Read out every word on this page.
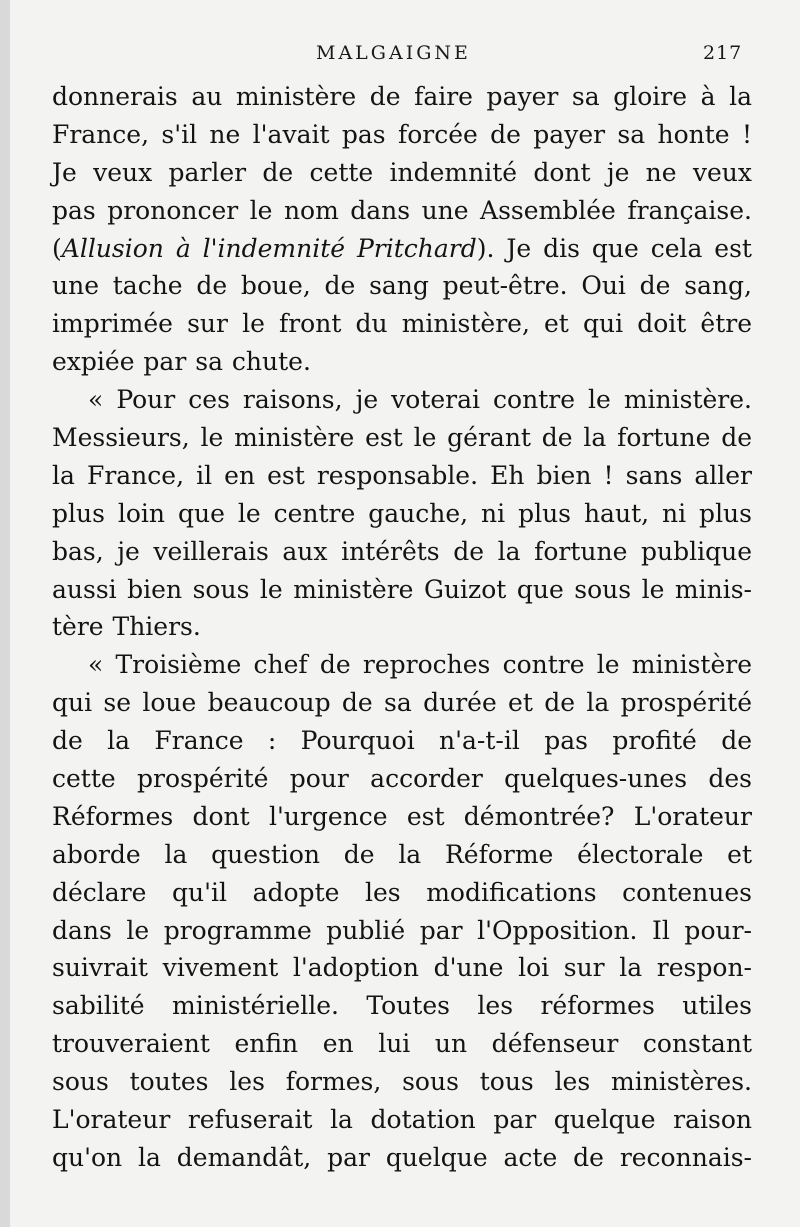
MALGAIGNE	217
donnerais au ministère de faire payer sa gloire à la
France, s'il ne l'avait pas forcée de payer sa honte !
Je veux parler de cette indemnité dont je ne veux
pas prononcer le nom dans une Assemblée française.
(Allusion à l'indemnité Pritchard). Je dis que cela est
une tache de boue, de sang peut-être. Oui de sang,
imprimée sur le front du ministère, et qui doit être
expiée par sa chute.
« Pour ces raisons, je voterai contre le ministère.
Messieurs, le ministère est le gérant de la fortune de
la France, il en est responsable. Eh bien ! sans aller
plus loin que le centre gauche, ni plus haut, ni plus
bas, je veillerais aux intérêts de la fortune publique
aussi bien sous le ministère Guizot que sous le minis-
tère Thiers.
« Troisième chef de reproches contre le ministère
qui se loue beaucoup de sa durée et de la prospérité
de la France : Pourquoi n'a-t-il pas profité de
cette prospérité pour accorder quelques-unes des
Réformes dont l'urgence est démontrée? L'orateur
aborde la question de la Réforme électorale et
déclare qu'il adopte les modifications contenues
dans le programme publié par l'Opposition. Il pour-
suivrait vivement l'adoption d'une loi sur la respon-
sabilité ministérielle. Toutes les réformes utiles
trouveraient enfin en lui un défenseur constant
sous toutes les formes, sous tous les ministères.
L'orateur refuserait la dotation par quelque raison
qu'on la demandât, par quelque acte de reconnais-
